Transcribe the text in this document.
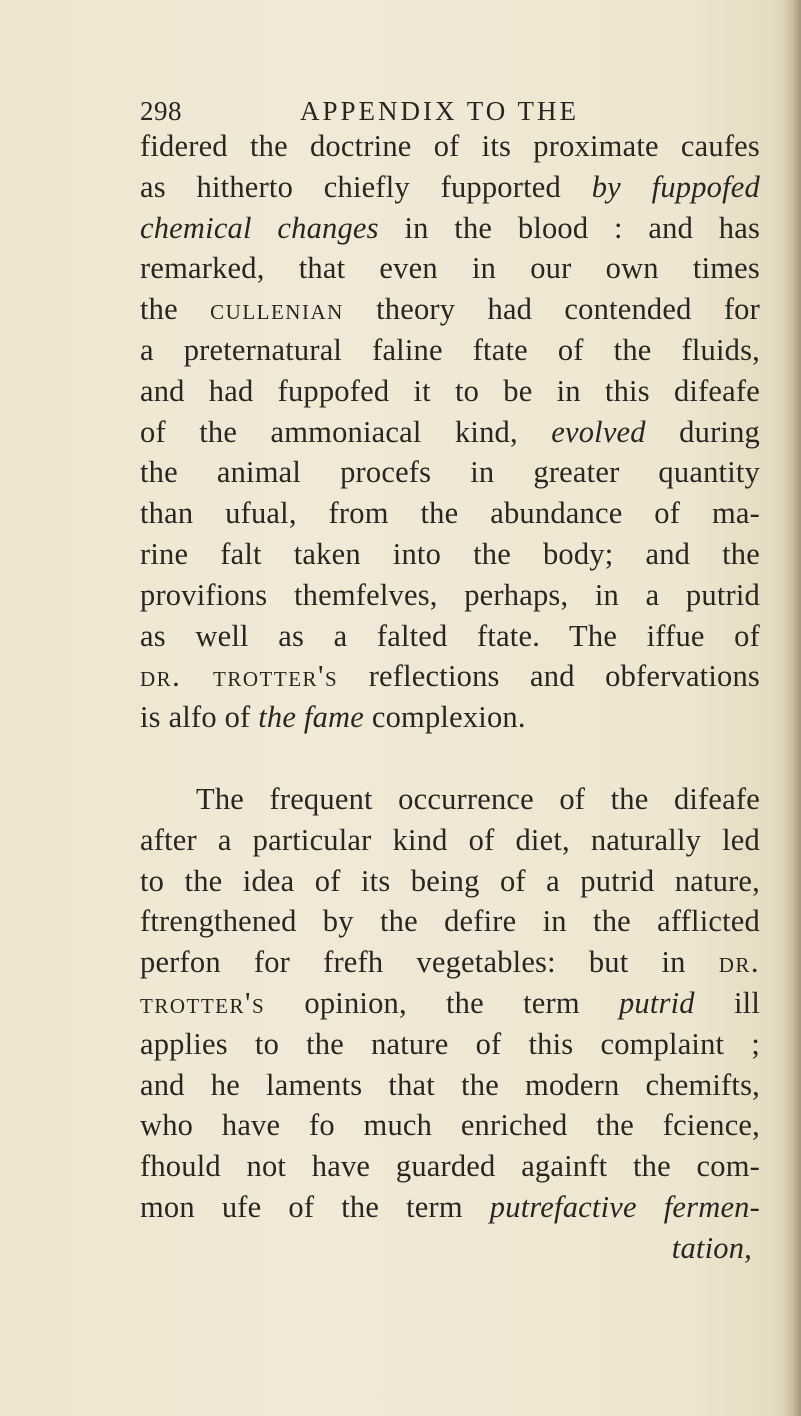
298	APPENDIX TO THE
fidered the doctrine of its proximate caufes
as hitherto chiefly fupported by fuppofed
chemical changes in the blood : and has
remarked, that even in our own times
the cullenian theory had contended for
a preternatural faline ftate of the fluids,
and had fuppofed it to be in this difeafe
of the ammoniacal kind, evolved during
the animal procefs in greater quantity
than ufual, from the abundance of ma-
rine falt taken into the body; and the
provifions themfelves, perhaps, in a putrid
as well as a falted ftate. The iffue of
dr. trotter's reflections and obfervations
is alfo of the fame complexion.
The frequent occurrence of the difeafe
after a particular kind of diet, naturally led
to the idea of its being of a putrid nature,
ftrengthened by the defire in the afflicted
perfon for frefh vegetables: but in dr.
trotter's opinion, the term putrid ill
applies to the nature of this complaint ;
and he laments that the modern chemifts,
who have fo much enriched the fcience,
fhould not have guarded againft the com-
mon ufe of the term putrefactive fermen-
tation,
